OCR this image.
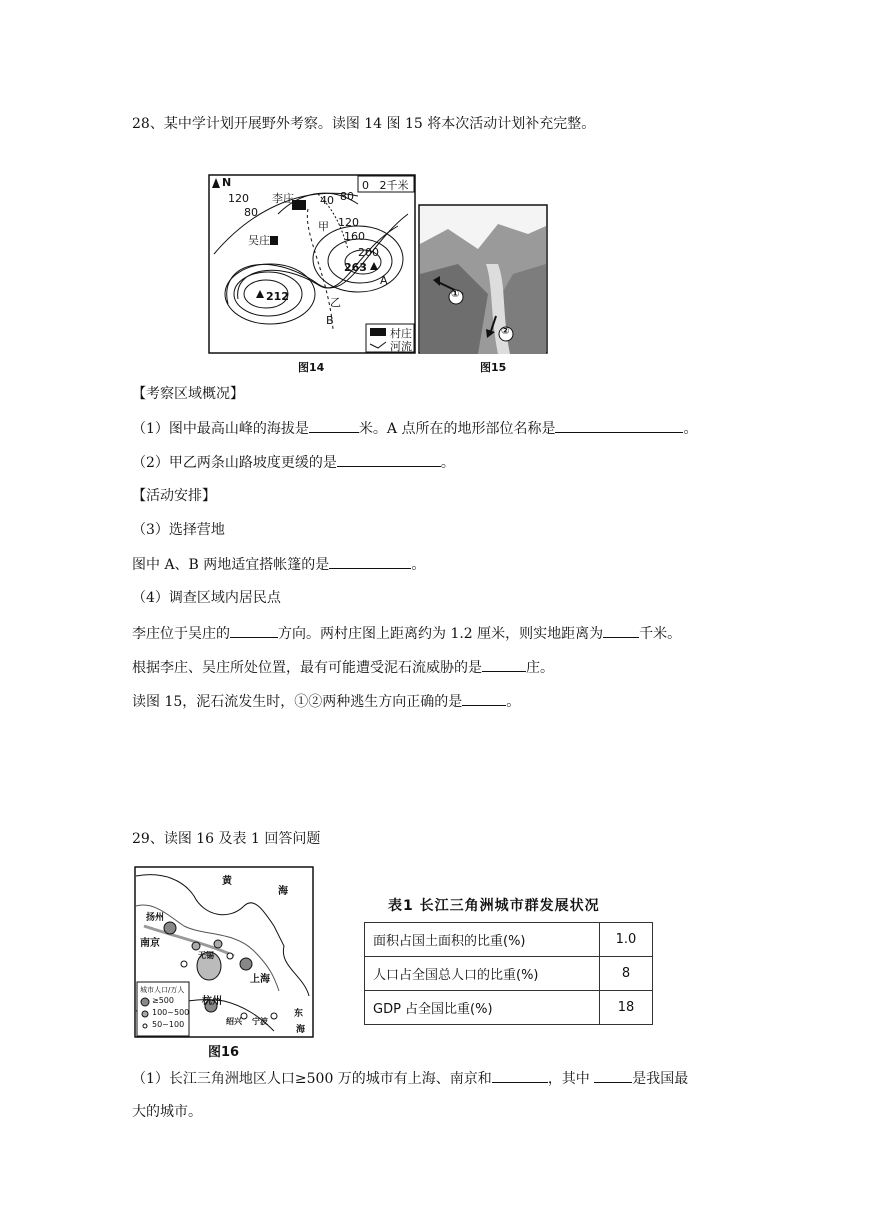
28、某中学计划开展野外考察。读图 14 图 15 将本次活动计划补充完整。
N	0   2千米
120
80
40 80
120
160
200
263
212
李庄
吴庄
甲
乙
A
B
村庄
河流
图14
①
②
图15
【考察区域概况】
（1）图中最高山峰的海拔是	米。A 点所在的地形部位名称是	。
（2）甲乙两条山路坡度更缓的是	。
【活动安排】
（3）选择营地
图中 A、B 两地适宜搭帐篷的是	。
（4）调查区域内居民点
李庄位于吴庄的	方向。两村庄图上距离约为 1.2 厘米，则实地距离为	千米。
根据李庄、吴庄所处位置，最有可能遭受泥石流威胁的是	庄。
读图 15，泥石流发生时，①②两种逃生方向正确的是	。
29、读图 16 及表 1 回答问题
黄
海
扬州
南京
无锡
上海
杭州
绍兴 宁波
东
海
城市人口/万人
≥500
100~500
50~100
图16
表1 长江三角洲城市群发展状况
面积占国土面积的比重(%)	1.0
人口占全国总人口的比重(%)	8
GDP 占全国比重(%)	18
（1）长江三角洲地区人口≥500 万的城市有上海、南京和	，其中	是我国最
大的城市。
